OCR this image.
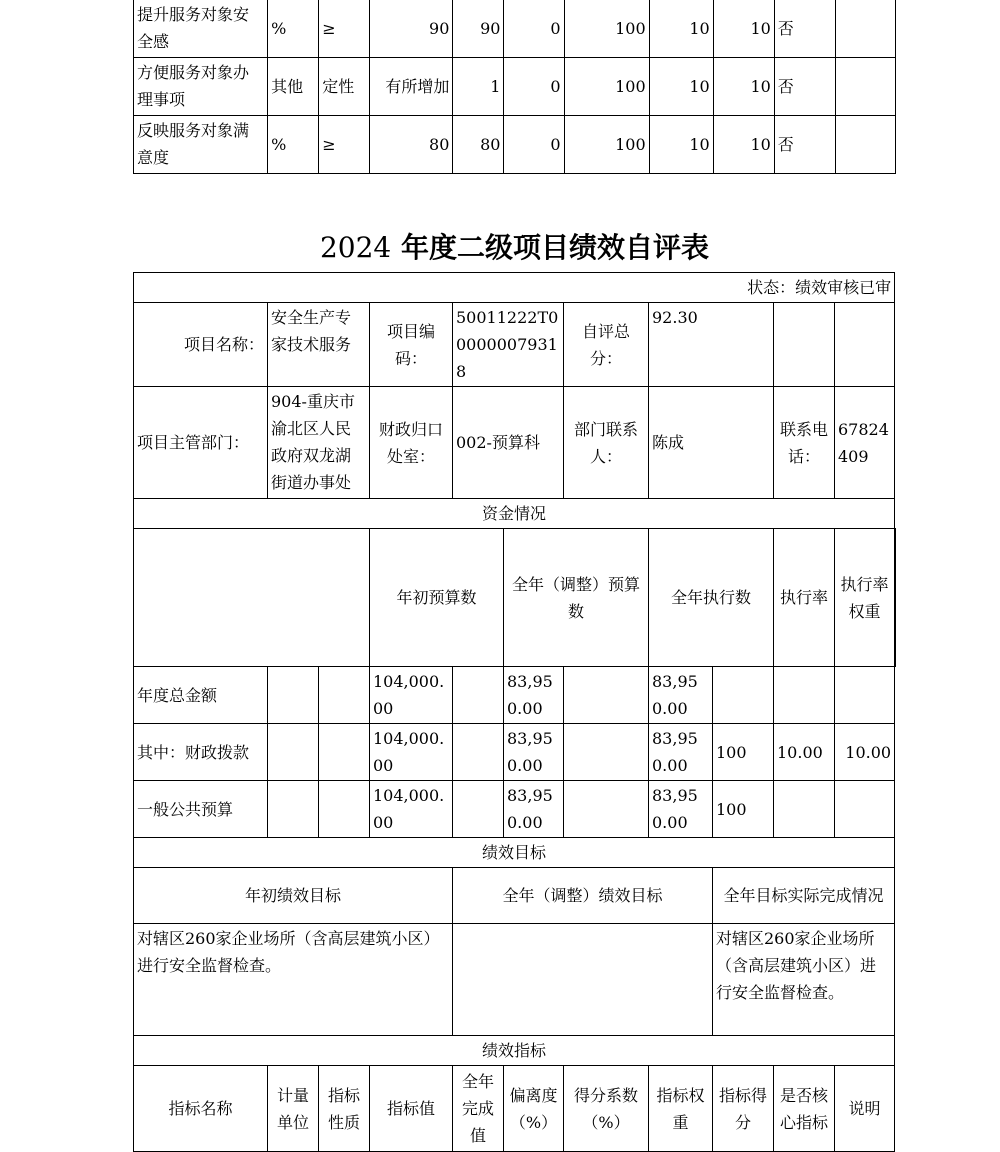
提升服务对象安全感	%	≥	90	90	0	100	10	10	否	
方便服务对象办理事项	其他	定性	有所增加	1	0	100	10	10	否	
反映服务对象满意度	%	≥	80	80	0	100	10	10	否	
2024 年度二级项目绩效自评表
状态：绩效审核已审											
项目名称：	安全生产专家技术服务		项目编码：	50011222T000000079318		自评总分：	92.30				
项目主管部门：	904-重庆市渝北区人民政府双龙湖街道办事处		财政归口处室：	002-预算科		部门联系人：	陈成		联系电话：	67824409	
资金情况											
			年初预算数		全年（调整）预算数		全年执行数		执行率	执行率权重	
年度总金额			104,000.00		83,950.00		83,950.00				
其中：财政拨款			104,000.00		83,950.00		83,950.00	100	10.00	10.00	
一般公共预算			104,000.00		83,950.00		83,950.00	100			
绩效目标											
年初绩效目标				全年（调整）绩效目标				全年目标实际完成情况			
对辖区260家企业场所（含高层建筑小区）进行安全监督检查。								对辖区260家企业场所（含高层建筑小区）进行安全监督检查。			
绩效指标											
指标名称	计量单位	指标性质	指标值	全年完成值	偏离度（%）	得分系数（%）	指标权重	指标得分	是否核心指标	说明	
